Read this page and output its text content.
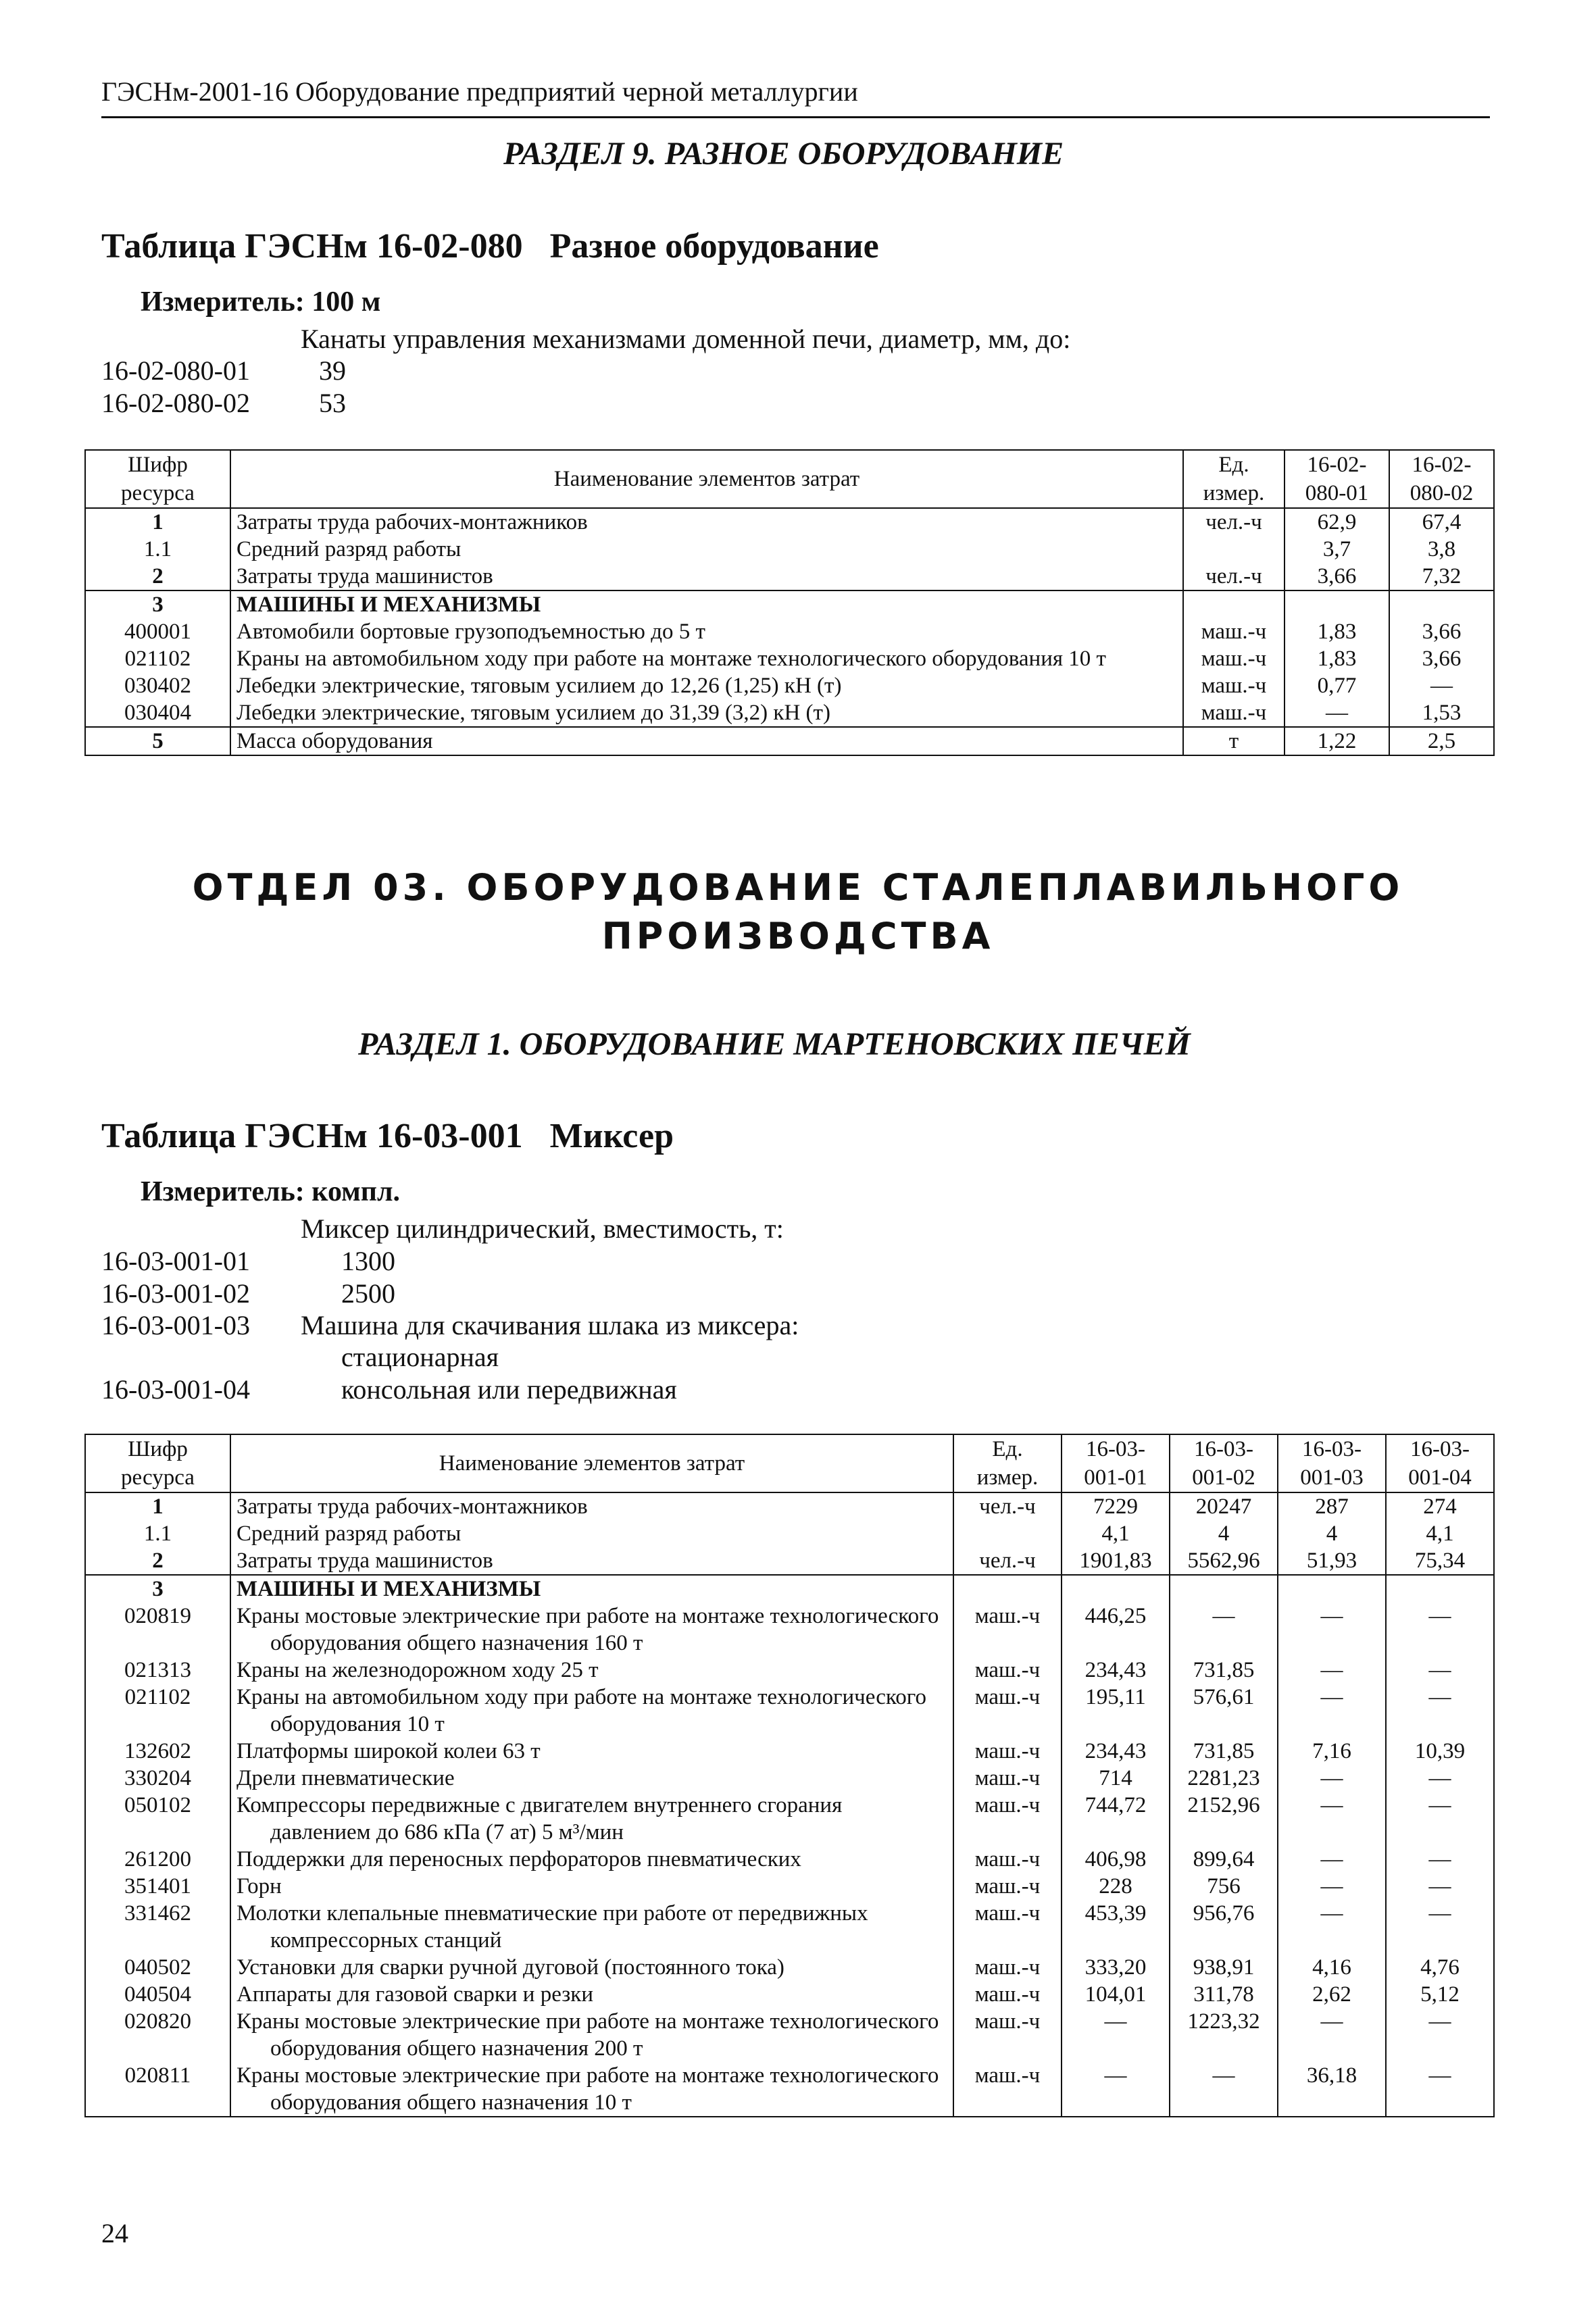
ГЭСНм-2001-16 Оборудование предприятий черной металлургии
РАЗДЕЛ 9. РАЗНОЕ ОБОРУДОВАНИЕ
Таблица ГЭСНм 16-02-080 Разное оборудование
Измеритель: 100 м
Канаты управления механизмами доменной печи, диаметр, мм, до:
16-02-080-01	39
16-02-080-02	53
Шифр ресурса	Наименование элементов затрат	Ед. измер.	16-02-080-01	16-02-080-02
1	Затраты труда рабочих-монтажников	чел.-ч	62,9	67,4
1.1	Средний разряд работы		3,7	3,8
2	Затраты труда машинистов	чел.-ч	3,66	7,32
3	МАШИНЫ И МЕХАНИЗМЫ			
400001	Автомобили бортовые грузоподъемностью до 5 т	маш.-ч	1,83	3,66
021102	Краны на автомобильном ходу при работе на монтаже технологического оборудования 10 т	маш.-ч	1,83	3,66
030402	Лебедки электрические, тяговым усилием до 12,26 (1,25) кН (т)	маш.-ч	0,77	—
030404	Лебедки электрические, тяговым усилием до 31,39 (3,2) кН (т)	маш.-ч	—	1,53
5	Масса оборудования	т	1,22	2,5
ОТДЕЛ 03. ОБОРУДОВАНИЕ СТАЛЕПЛАВИЛЬНОГО
ПРОИЗВОДСТВА
РАЗДЕЛ 1. ОБОРУДОВАНИЕ МАРТЕНОВСКИХ ПЕЧЕЙ
Таблица ГЭСНм 16-03-001 Миксер
Измеритель: компл.
Миксер цилиндрический, вместимость, т:
16-03-001-01	1300
16-03-001-02	2500
16-03-001-03 Машина для скачивания шлака из миксера:
стационарная
16-03-001-04	консольная или передвижная
Шифр ресурса	Наименование элементов затрат	Ед. измер.	16-03-001-01	16-03-001-02	16-03-001-03	16-03-001-04
1	Затраты труда рабочих-монтажников	чел.-ч	7229	20247	287	274
1.1	Средний разряд работы		4,1	4	4	4,1
2	Затраты труда машинистов	чел.-ч	1901,83	5562,96	51,93	75,34
3	МАШИНЫ И МЕХАНИЗМЫ					
020819	Краны мостовые электрические при работе на монтаже технологического оборудования общего назначения 160 т	маш.-ч	446,25	—	—	—
021313	Краны на железнодорожном ходу 25 т	маш.-ч	234,43	731,85	—	—
021102	Краны на автомобильном ходу при работе на монтаже технологического оборудования 10 т	маш.-ч	195,11	576,61	—	—
132602	Платформы широкой колеи 63 т	маш.-ч	234,43	731,85	7,16	10,39
330204	Дрели пневматические	маш.-ч	714	2281,23	—	—
050102	Компрессоры передвижные с двигателем внутреннего сгорания давлением до 686 кПа (7 ат) 5 м³/мин	маш.-ч	744,72	2152,96	—	—
261200	Поддержки для переносных перфораторов пневматических	маш.-ч	406,98	899,64	—	—
351401	Горн	маш.-ч	228	756	—	—
331462	Молотки клепальные пневматические при работе от передвижных компрессорных станций	маш.-ч	453,39	956,76	—	—
040502	Установки для сварки ручной дуговой (постоянного тока)	маш.-ч	333,20	938,91	4,16	4,76
040504	Аппараты для газовой сварки и резки	маш.-ч	104,01	311,78	2,62	5,12
020820	Краны мостовые электрические при работе на монтаже технологического оборудования общего назначения 200 т	маш.-ч	—	1223,32	—	—
020811	Краны мостовые электрические при работе на монтаже технологического оборудования общего назначения 10 т	маш.-ч	—	—	36,18	—
24
